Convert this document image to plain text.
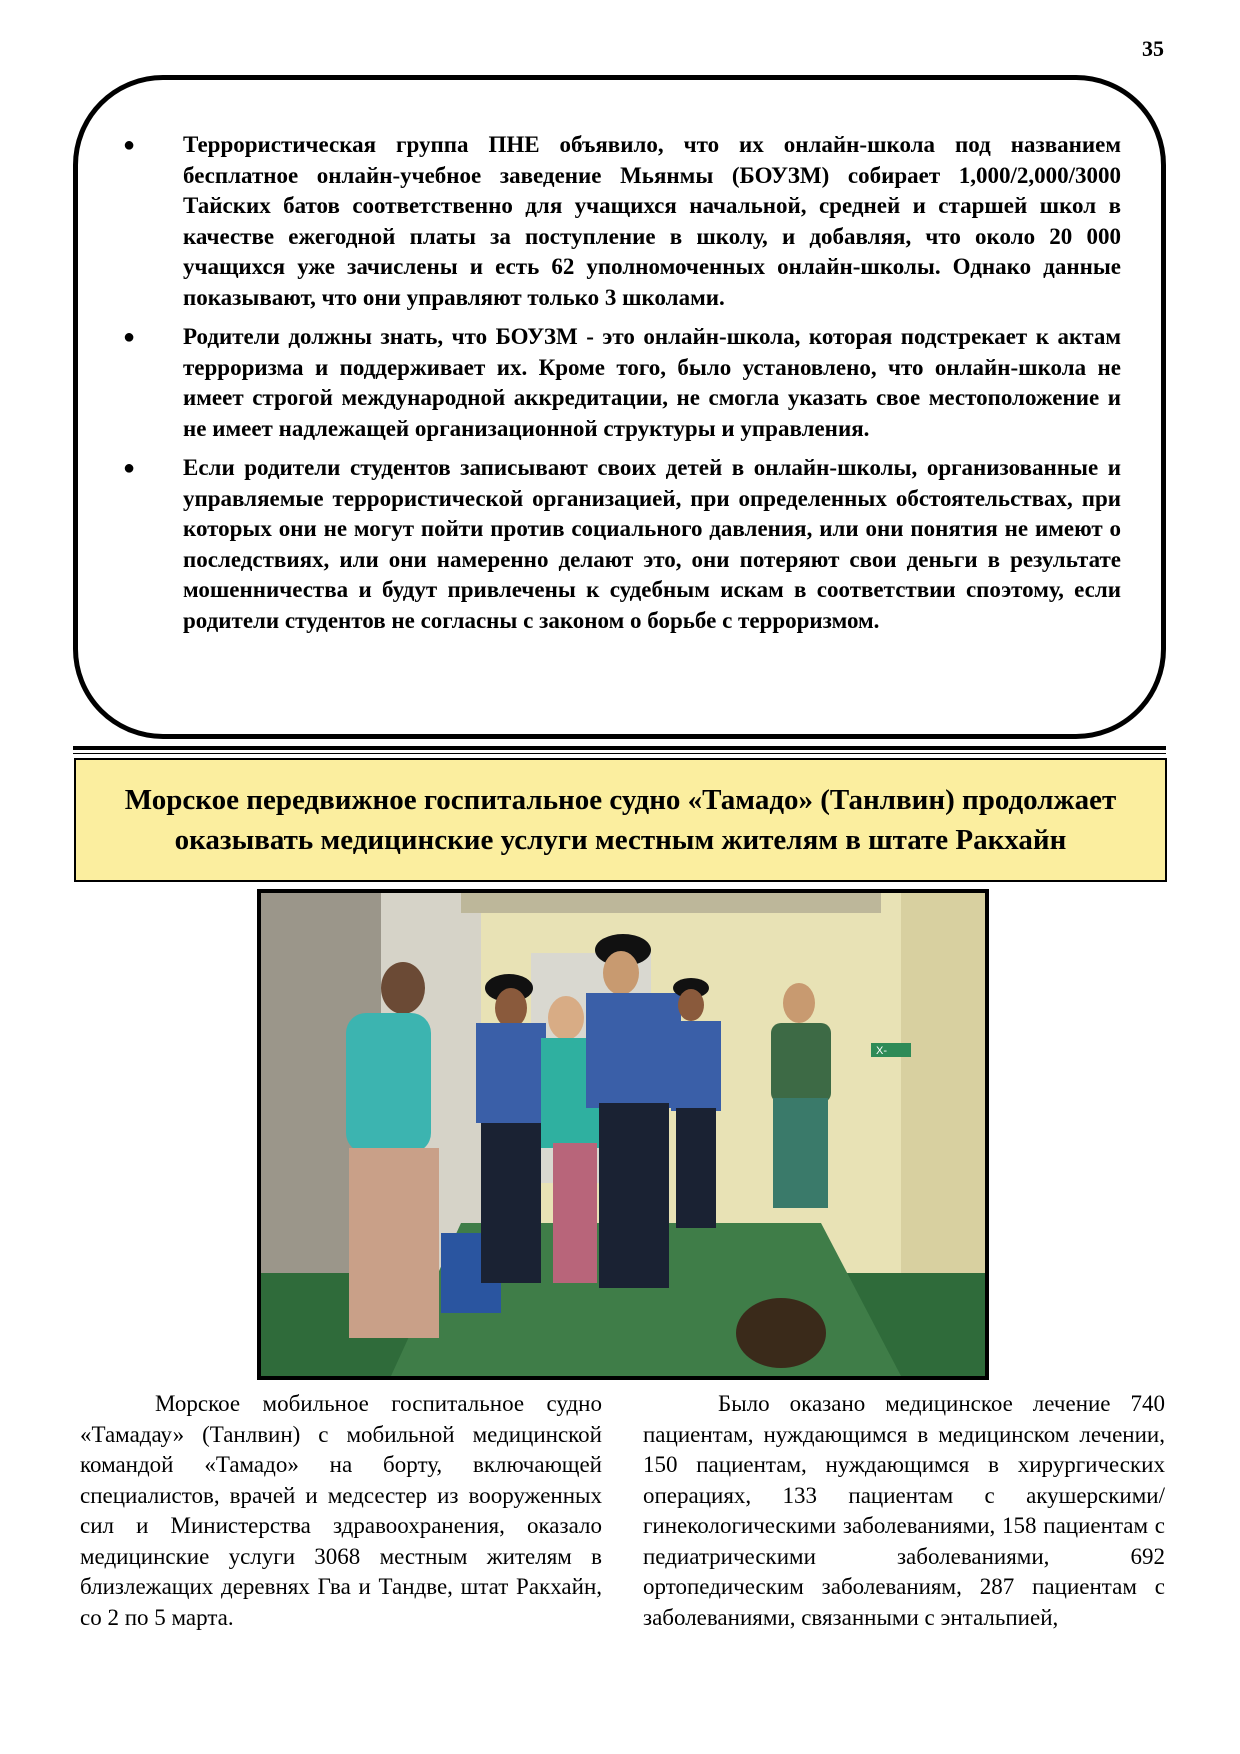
35
● Террористическая группа ПНЕ объявило, что их онлайн-школа под названием бесплатное онлайн-учебное заведение Мьянмы (БОУЗМ) собирает 1,000/2,000/3000 Тайских батов соответственно для учащихся начальной, средней и старшей школ в качестве ежегодной платы за поступление в школу, и добавляя, что около 20 000 учащихся уже зачислены и есть 62 уполномоченных онлайн-школы. Однако данные показывают, что они управляют только 3 школами.
● Родители должны знать, что БОУЗМ - это онлайн-школа, которая подстрекает к актам терроризма и поддерживает их. Кроме того, было установлено, что онлайн-школа не имеет строгой международной аккредитации, не смогла указать свое местоположение и не имеет надлежащей организационной структуры и управления.
● Если родители студентов записывают своих детей в онлайн-школы, организованные и управляемые террористической организацией, при определенных обстоятельствах, при которых они не могут пойти против социального давления, или они понятия не имеют о последствиях, или они намеренно делают это, они потеряют свои деньги в результате мошенничества и будут привлечены к судебным искам в соответствии споэтому, если родители студентов не согласны с законом о борьбе с терроризмом.
Морское передвижное госпитальное судно «Тамадо» (Танлвин) продолжает
оказывать медицинские услуги местным жителям в штате Ракхайн
X-

Морское мобильное госпитальное судно «Тамадау» (Танлвин) с мобильной медицинской командой «Тамадо» на борту, включающей специалистов, врачей и медсестер из вооруженных сил и Министерства здравоохранения, оказало медицинские услуги 3068 местным жителям в близлежащих деревнях Гва и Тандве, штат Ракхайн, со 2 по 5 марта.

Было оказано медицинское лечение 740 пациентам, нуждающимся в медицинском лечении, 150 пациентам, нуждающимся в хирургических операциях, 133 пациентам с акушерскими/гинекологическими заболеваниями, 158 пациентам с педиатрическими заболеваниями, 692 ортопедическим заболеваниям, 287 пациентам с заболеваниями, связанными с энтальпией,
